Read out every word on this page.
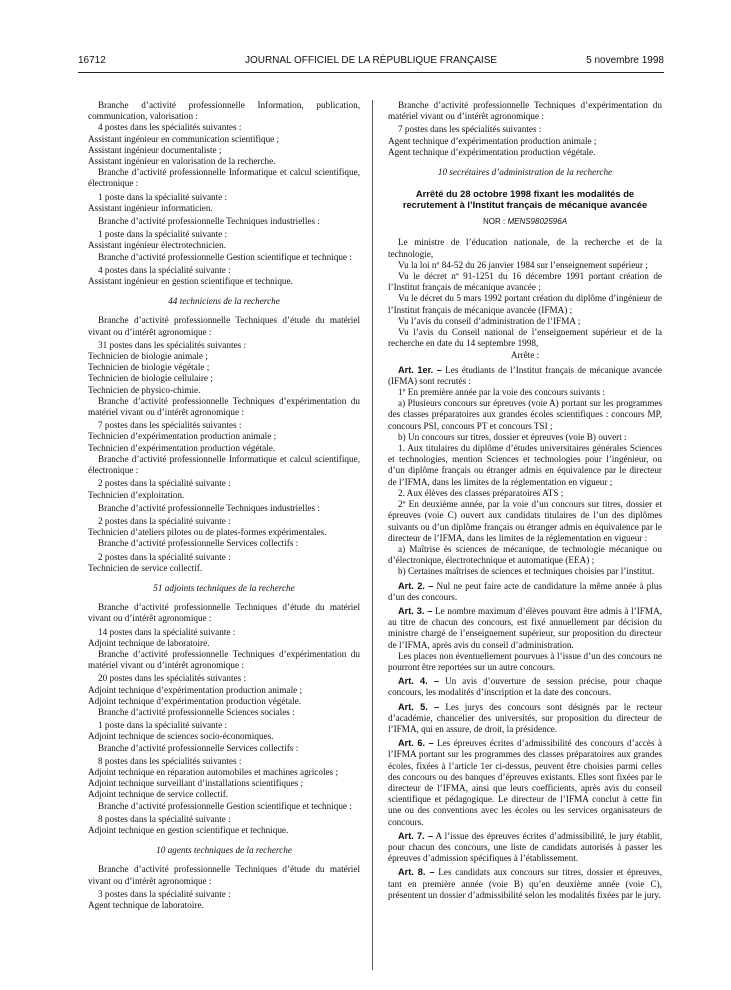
16712	JOURNAL OFFICIEL DE LA RÉPUBLIQUE FRANÇAISE	5 novembre 1998

Branche d’activité professionnelle Information, publication, communication, valorisation :

4 postes dans les spécialités suivantes :

Assistant ingénieur en communication scientifique ;

Assistant ingénieur documentaliste ;

Assistant ingénieur en valorisation de la recherche.

Branche d’activité professionnelle Informatique et calcul scientifique, électronique :

1 poste dans la spécialité suivante :

Assistant ingénieur informaticien.

Branche d’activité professionnelle Techniques industrielles :

1 poste dans la spécialité suivante :

Assistant ingénieur électrotechnicien.

Branche d’activité professionnelle Gestion scientifique et technique :

4 postes dans la spécialité suivante :

Assistant ingénieur en gestion scientifique et technique.

44 techniciens de la recherche

Branche d’activité professionnelle Techniques d’étude du matériel vivant ou d’intérêt agronomique :

31 postes dans les spécialités suivantes :

Technicien de biologie animale ;

Technicien de biologie végétale ;

Technicien de biologie cellulaire ;

Technicien de physico-chimie.

Branche d’activité professionnelle Techniques d’expérimentation du matériel vivant ou d’intérêt agronomique :

7 postes dans les spécialités suivantes :

Technicien d’expérimentation production animale ;

Technicien d’expérimentation production végétale.

Branche d’activité professionnelle Informatique et calcul scientifique, électronique :

2 postes dans la spécialité suivante :

Technicien d’exploitation.

Branche d’activité professionnelle Techniques industrielles :

2 postes dans la spécialité suivante :

Technicien d’ateliers pilotes ou de plates-formes expérimentales.

Branche d’activité professionnelle Services collectifs :

2 postes dans la spécialité suivante :

Technicien de service collectif.

51 adjoints techniques de la recherche

Branche d’activité professionnelle Techniques d’étude du matériel vivant ou d’intérêt agronomique :

14 postes dans la spécialité suivante :

Adjoint technique de laboratoire.

Branche d’activité professionnelle Techniques d’expérimentation du matériel vivant ou d’intérêt agronomique :

20 postes dans les spécialités suivantes :

Adjoint technique d’expérimentation production animale ;

Adjoint technique d’expérimentation production végétale.

Branche d’activité professionnelle Sciences sociales :

1 poste dans la spécialité suivante :

Adjoint technique de sciences socio-économiques.

Branche d’activité professionnelle Services collectifs :

8 postes dans les spécialités suivantes :

Adjoint technique en réparation automobiles et machines agricoles ;

Adjoint technique surveillant d’installations scientifiques ;

Adjoint technique de service collectif.

Branche d’activité professionnelle Gestion scientifique et technique :

8 postes dans la spécialité suivante :

Adjoint technique en gestion scientifique et technique.

10 agents techniques de la recherche

Branche d’activité professionnelle Techniques d’étude du matériel vivant ou d’intérêt agronomique :

3 postes dans la spécialité suivante :

Agent technique de laboratoire.

Branche d’activité professionnelle Techniques d’expérimentation du matériel vivant ou d’intérêt agronomique :

7 postes dans les spécialités suivantes :

Agent technique d’expérimentation production animale ;

Agent technique d’expérimentation production végétale.

10 secrétaires d’administration de la recherche

Arrêté du 28 octobre 1998 fixant les modalités de recrutement à l’Institut français de mécanique avancée

NOR : MENS9802596A

Le ministre de l’éducation nationale, de la recherche et de la technologie,

Vu la loi nº 84-52 du 26 janvier 1984 sur l’enseignement supérieur ;

Vu le décret nº 91-1251 du 16 décembre 1991 portant création de l’Institut français de mécanique avancée ;

Vu le décret du 5 mars 1992 portant création du diplôme d’ingénieur de l’Institut français de mécanique avancée (IFMA) ;

Vu l’avis du conseil d’administration de l’IFMA ;

Vu l’avis du Conseil national de l’enseignement supérieur et de la recherche en date du 14 septembre 1998,

Arrête :

Art. 1er. – Les étudiants de l’Institut français de mécanique avancée (IFMA) sont recrutés :

1º En première année par la voie des concours suivants :

a) Plusieurs concours sur épreuves (voie A) portant sur les programmes des classes préparatoires aux grandes écoles scientifiques : concours MP, concours PSI, concours PT et concours TSI ;

b) Un concours sur titres, dossier et épreuves (voie B) ouvert :

1. Aux titulaires du diplôme d’études universitaires générales Sciences et technologies, mention Sciences et technologies pour l’ingénieur, ou d’un diplôme français ou étranger admis en équivalence par le directeur de l’IFMA, dans les limites de la réglementation en vigueur ;

2. Aux élèves des classes préparatoires ATS ;

2º En deuxième année, par la voie d’un concours sur titres, dossier et épreuves (voie C) ouvert aux candidats titulaires de l’un des diplômes suivants ou d’un diplôme français ou étranger admis en équivalence par le directeur de l’IFMA, dans les limites de la réglementation en vigueur :

a) Maîtrise ès sciences de mécanique, de technologie mécanique ou d’électronique, électrotechnique et automatique (EEA) ;

b) Certaines maîtrises de sciences et techniques choisies par l’institut.

Art. 2. – Nul ne peut faire acte de candidature la même année à plus d’un des concours.

Art. 3. – Le nombre maximum d’élèves pouvant être admis à l’IFMA, au titre de chacun des concours, est fixé annuellement par décision du ministre chargé de l’enseignement supérieur, sur proposition du directeur de l’IFMA, après avis du conseil d’administration.

Les places non éventuellement pourvues à l’issue d’un des concours ne pourront être reportées sur un autre concours.

Art. 4. – Un avis d’ouverture de session précise, pour chaque concours, les modalités d’inscription et la date des concours.

Art. 5. – Les jurys des concours sont désignés par le recteur d’académie, chancelier des universités, sur proposition du directeur de l’IFMA, qui en assure, de droit, la présidence.

Art. 6. – Les épreuves écrites d’admissibilité des concours d’accès à l’IFMA portant sur les programmes des classes préparatoires aux grandes écoles, fixées à l’article 1er ci-dessus, peuvent être choisies parmi celles des concours ou des banques d’épreuves existants. Elles sont fixées par le directeur de l’IFMA, ainsi que leurs coefficients, après avis du conseil scientifique et pédagogique. Le directeur de l’IFMA conclut à cette fin une ou des conventions avec les écoles ou les services organisateurs de concours.

Art. 7. – A l’issue des épreuves écrites d’admissibilité, le jury établit, pour chacun des concours, une liste de candidats autorisés à passer les épreuves d’admission spécifiques à l’établissement.

Art. 8. – Les candidats aux concours sur titres, dossier et épreuves, tant en première année (voie B) qu’en deuxième année (voie C), présentent un dossier d’admissibilité selon les modalités fixées par le jury.
